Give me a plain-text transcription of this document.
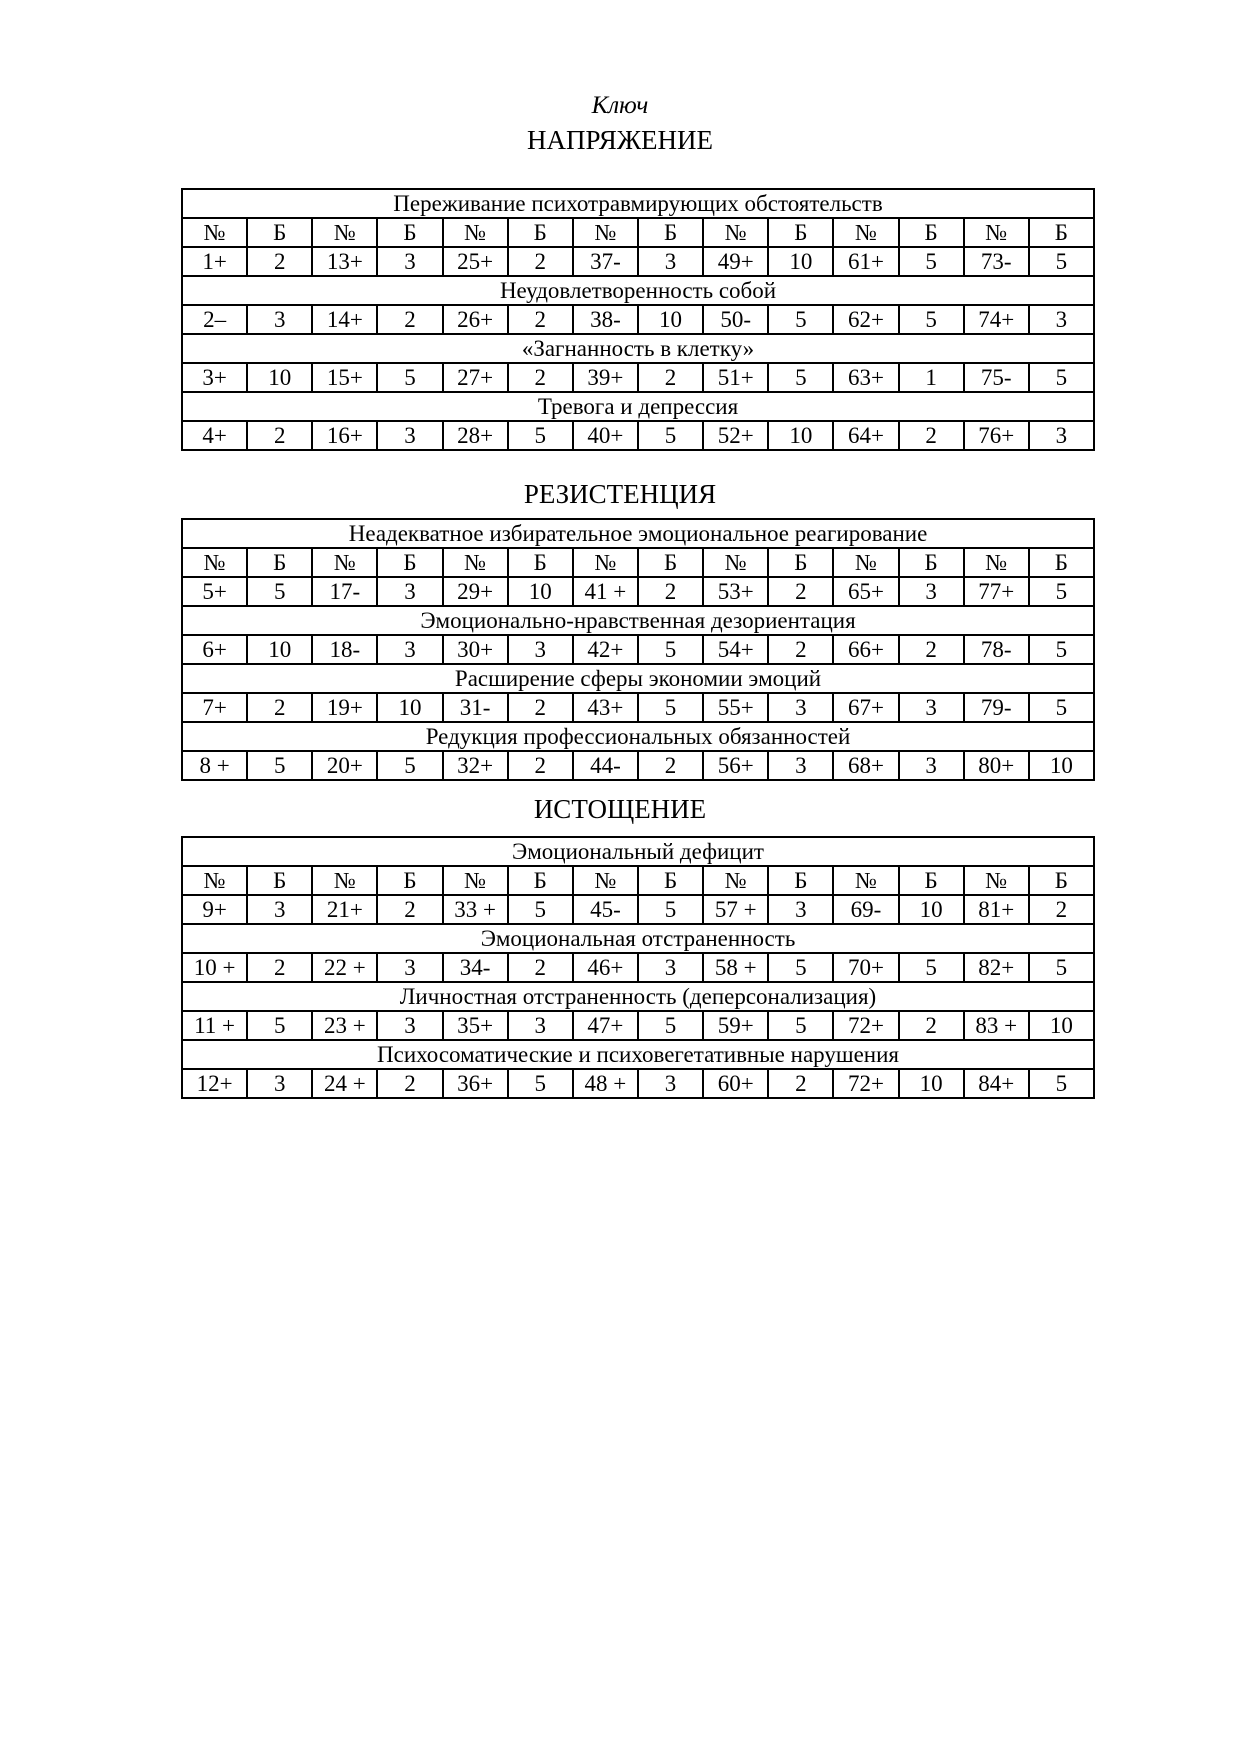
Ключ
НАПРЯЖЕНИЕ
Переживание психотравмирующих обстоятельств													
№	Б	№	Б	№	Б	№	Б	№	Б	№	Б	№	Б
1+	2	13+	3	25+	2	37-	3	49+	10	61+	5	73-	5
Неудовлетворенность собой													
2–	3	14+	2	26+	2	38-	10	50-	5	62+	5	74+	3
«Загнанность в клетку»													
3+	10	15+	5	27+	2	39+	2	51+	5	63+	1	75-	5
Тревога и депрессия													
4+	2	16+	3	28+	5	40+	5	52+	10	64+	2	76+	3
РЕЗИСТЕНЦИЯ
Неадекватное избирательное эмоциональное реагирование													
№	Б	№	Б	№	Б	№	Б	№	Б	№	Б	№	Б
5+	5	17-	3	29+	10	41 +	2	53+	2	65+	3	77+	5
Эмоционально-нравственная дезориентация													
6+	10	18-	3	30+	3	42+	5	54+	2	66+	2	78-	5
Расширение сферы экономии эмоций													
7+	2	19+	10	31-	2	43+	5	55+	3	67+	3	79-	5
Редукция профессиональных обязанностей													
8 +	5	20+	5	32+	2	44-	2	56+	3	68+	3	80+	10
ИСТОЩЕНИЕ
Эмоциональный дефицит													
№	Б	№	Б	№	Б	№	Б	№	Б	№	Б	№	Б
9+	3	21+	2	33 +	5	45-	5	57 +	3	69-	10	81+	2
Эмоциональная отстраненность													
10 +	2	22 +	3	34-	2	46+	3	58 +	5	70+	5	82+	5
Личностная отстраненность (деперсонализация)													
11 +	5	23 +	3	35+	3	47+	5	59+	5	72+	2	83 +	10
Психосоматические и психовегетативные нарушения													
12+	3	24 +	2	36+	5	48 +	3	60+	2	72+	10	84+	5
